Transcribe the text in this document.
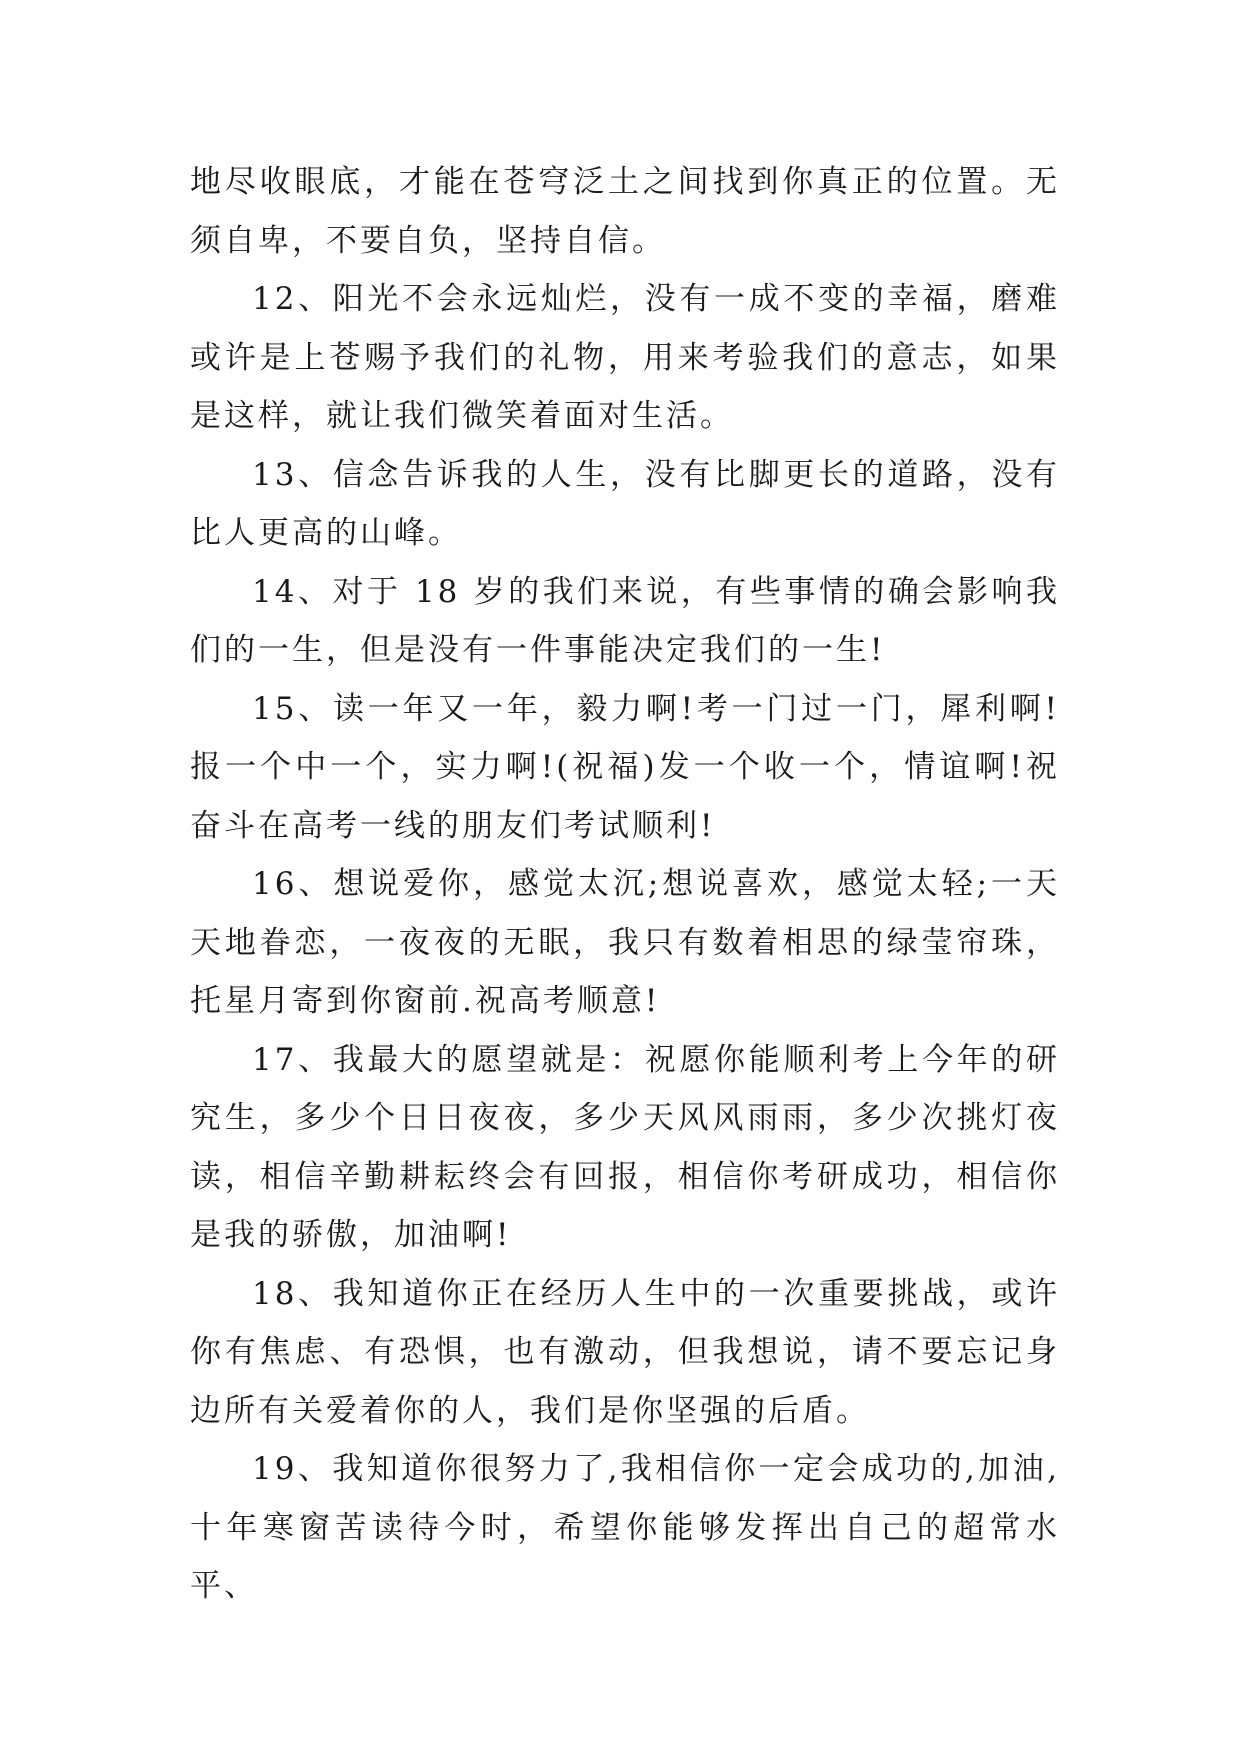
地尽收眼底，才能在苍穹泛土之间找到你真正的位置。无须自卑，不要自负，坚持自信。

12、阳光不会永远灿烂，没有一成不变的幸福，磨难或许是上苍赐予我们的礼物，用来考验我们的意志，如果是这样，就让我们微笑着面对生活。

13、信念告诉我的人生，没有比脚更长的道路，没有比人更高的山峰。

14、对于 18 岁的我们来说，有些事情的确会影响我们的一生，但是没有一件事能决定我们的一生!

15、读一年又一年，毅力啊!考一门过一门，犀利啊!报一个中一个，实力啊!(祝福)发一个收一个，情谊啊!祝奋斗在高考一线的朋友们考试顺利!

16、想说爱你，感觉太沉;想说喜欢，感觉太轻;一天天地眷恋，一夜夜的无眠，我只有数着相思的绿莹帘珠，托星月寄到你窗前.祝高考顺意!

17、我最大的愿望就是：祝愿你能顺利考上今年的研究生，多少个日日夜夜，多少天风风雨雨，多少次挑灯夜读，相信辛勤耕耘终会有回报，相信你考研成功，相信你是我的骄傲，加油啊!

18、我知道你正在经历人生中的一次重要挑战，或许你有焦虑、有恐惧，也有激动，但我想说，请不要忘记身边所有关爱着你的人，我们是你坚强的后盾。

19、我知道你很努力了,我相信你一定会成功的,加油,十年寒窗苦读待今时，希望你能够发挥出自己的超常水平、
